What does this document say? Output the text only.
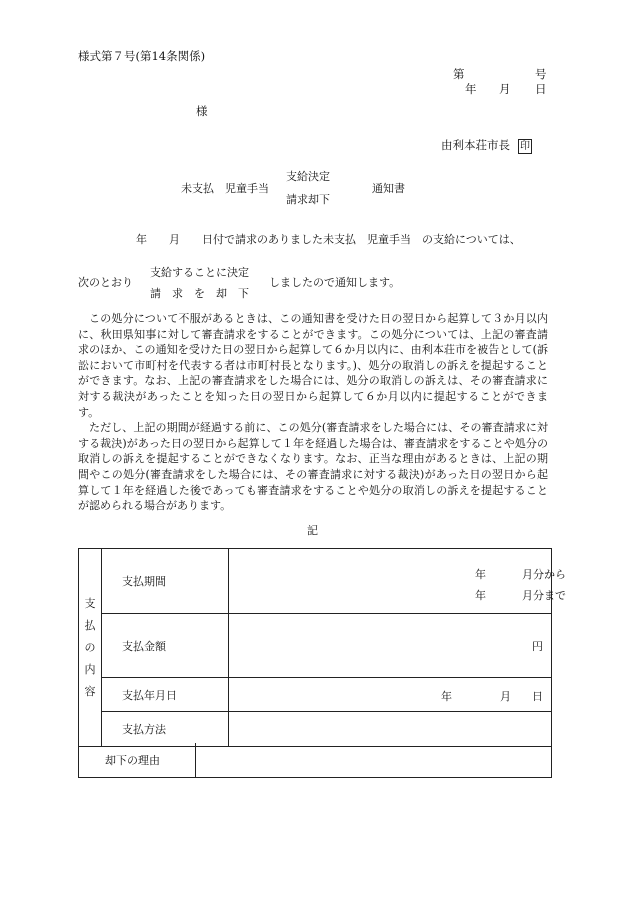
様式第７号(第14条関係)
第	号
年 月 日
様
由利本荘市長 印
支給決定
未支払　児童手当	通知書
請求却下
年　　月　　日付で請求のありました未支払　児童手当　の支給については、
支給することに決定
次のとおり	しましたので通知します。
請　求　を　却　下

この処分について不服があるときは、この通知書を受けた日の翌日から起算して３か月以内に、秋田県知事に対して審査請求をすることができます。この処分については、上記の審査請求のほか、この通知を受けた日の翌日から起算して６か月以内に、由利本荘市を被告として(訴訟において市町村を代表する者は市町村長となります。)、処分の取消しの訴えを提起することができます。なお、上記の審査請求をした場合には、処分の取消しの訴えは、その審査請求に対する裁決があったことを知った日の翌日から起算して６か月以内に提起することができます。

ただし、上記の期間が経過する前に、この処分(審査請求をした場合には、その審査請求に対する裁決)があった日の翌日から起算して１年を経過した場合は、審査請求をすることや処分の取消しの訴えを提起することができなくなります。なお、正当な理由があるときは、上記の期間やこの処分(審査請求をした場合には、その審査請求に対する裁決)があった日の翌日から起算して１年を経過した後であっても審査請求をすることや処分の取消しの訴えを提起することが認められる場合があります。

記
支
払
の
内
容	支払期間	年 月分から
年 月分まで

	支払金額	円

	支払年月日	年 月 日

	支払方法	
却下の理由	
